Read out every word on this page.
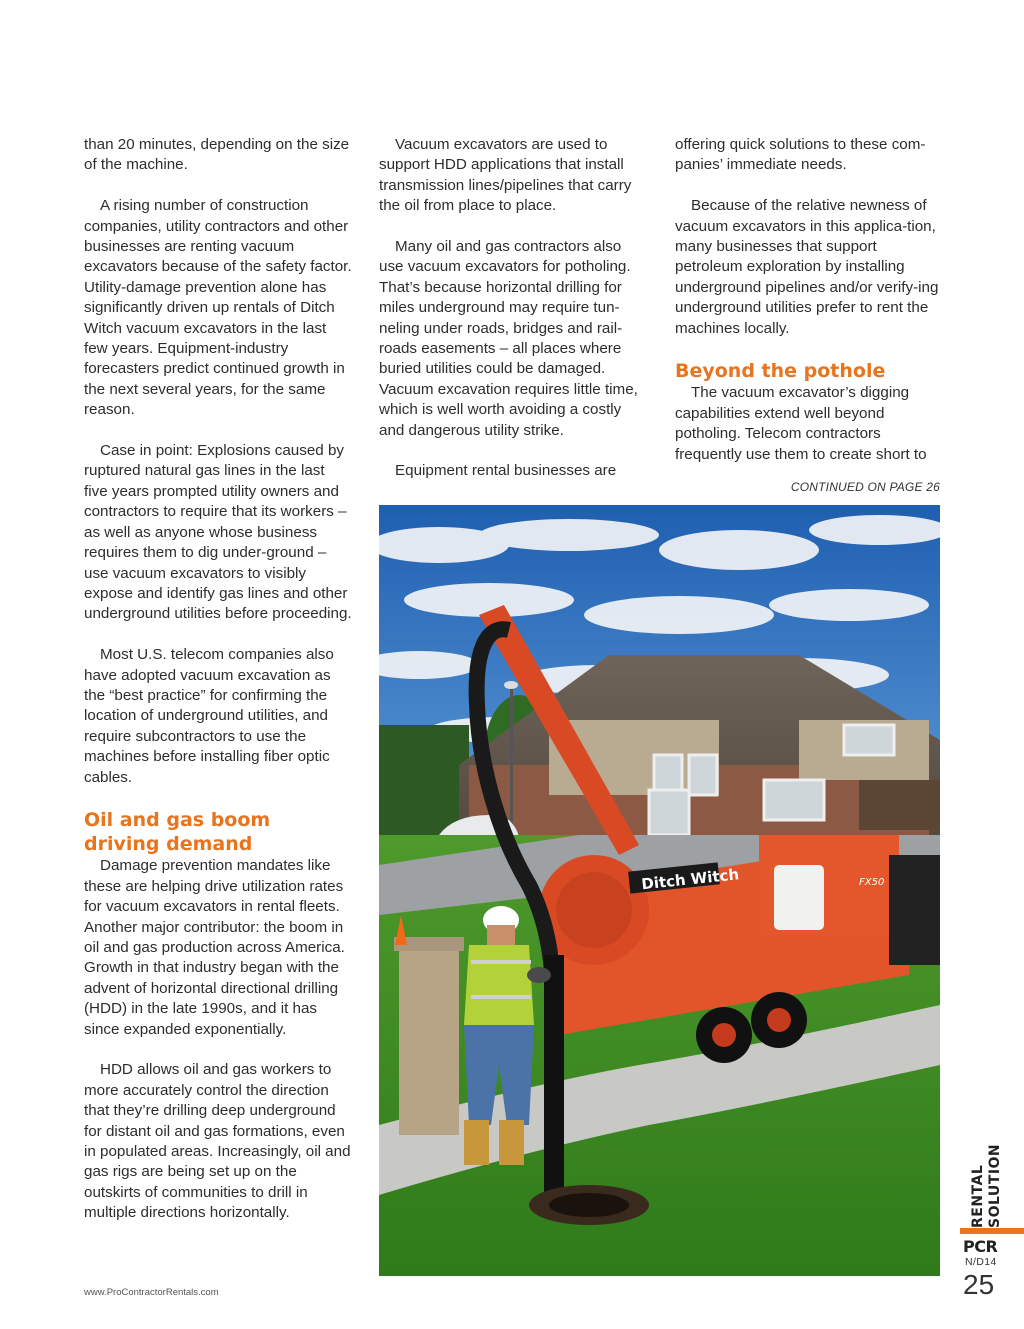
than 20 minutes, depending on the size of the machine.

A rising number of construction companies, utility contractors and other businesses are renting vacuum excavators because of the safety factor. Utility-damage prevention alone has significantly driven up rentals of Ditch Witch vacuum excavators in the last few years. Equipment-industry forecasters predict continued growth in the next several years, for the same reason.

Case in point: Explosions caused by ruptured natural gas lines in the last five years prompted utility owners and contractors to require that its workers – as well as anyone whose business requires them to dig under-ground – use vacuum excavators to visibly expose and identify gas lines and other underground utilities before proceeding.

Most U.S. telecom companies also have adopted vacuum excavation as the “best practice” for confirming the location of underground utilities, and require subcontractors to use the machines before installing fiber optic cables.

Oil and gas boom driving demand

Damage prevention mandates like these are helping drive utilization rates for vacuum excavators in rental fleets. Another major contributor: the boom in oil and gas production across America. Growth in that industry began with the advent of horizontal directional drilling (HDD) in the late 1990s, and it has since expanded exponentially.

HDD allows oil and gas workers to more accurately control the direction that they’re drilling deep underground for distant oil and gas formations, even in populated areas. Increasingly, oil and gas rigs are being set up on the outskirts of communities to drill in multiple directions horizontally.

Vacuum excavators are used to support HDD applications that install transmission lines/pipelines that carry the oil from place to place.

Many oil and gas contractors also use vacuum excavators for potholing. That’s because horizontal drilling for miles underground may require tun-neling under roads, bridges and rail-roads easements – all places where buried utilities could be damaged. Vacuum excavation requires little time, which is well worth avoiding a costly and dangerous utility strike.

Equipment rental businesses are

offering quick solutions to these com-panies’ immediate needs.

Because of the relative newness of vacuum excavators in this applica-tion, many businesses that support petroleum exploration by installing underground pipelines and/or verify-ing underground utilities prefer to rent the machines locally.

Beyond the pothole

The vacuum excavator’s digging capabilities extend well beyond potholing. Telecom contractors frequently use them to create short to

CONTINUED ON PAGE 26
Ditch Witch	FX50
www.ProContractorRentals.com
RENTAL SOLUTION
PCR
N/D14
25
